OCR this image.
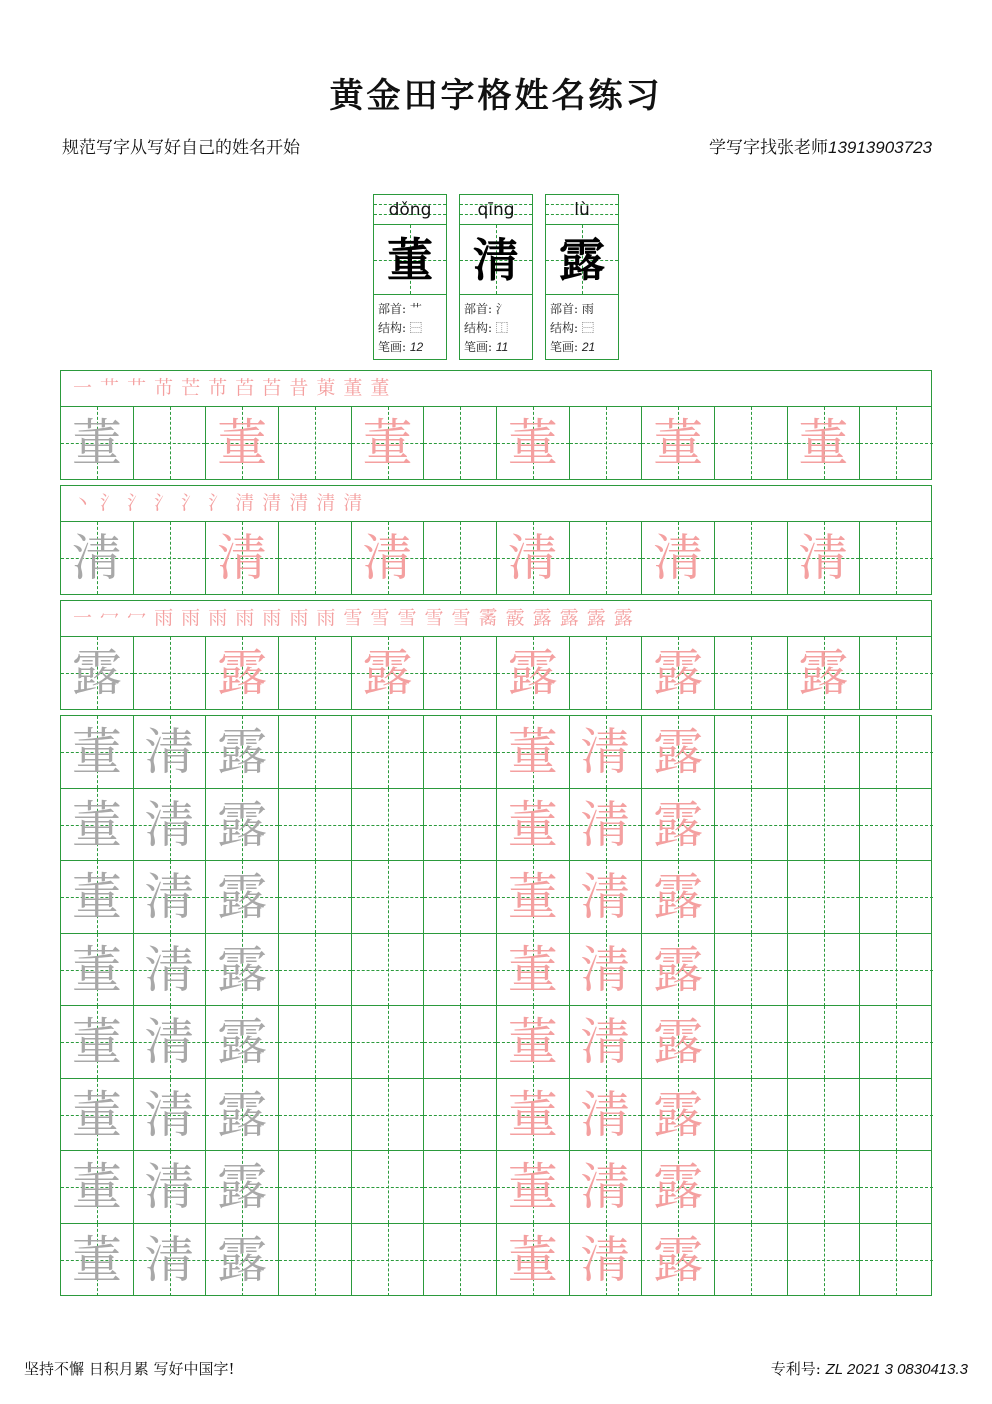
黄金田字格姓名练习
规范写字从写好自己的姓名开始	学写字找张老师13913903723
dǒng
董
部首: 艹
结构: ⿱
笔画: 12
qīng
清
部首: 氵
结构: ⿰
笔画: 11
lù
露
部首: 雨
结构: ⿱
笔画: 21
一 艹 艹 芇 芒 芇 苩 苩 昔 菄 董 董
董 董 董 董 董 董
丶 氵 氵 氵 氵 氵 清 清 清 清 清
清 清 清 清 清 清
一 冖 冖 雨 雨 雨 雨 雨 雨 雨 雪 雪 雪 雪 雪 霱 霰 露 露 露 露
露 露 露 露 露 露
董 清 露	董 清 露
董 清 露	董 清 露
董 清 露	董 清 露
董 清 露	董 清 露
董 清 露	董 清 露
董 清 露	董 清 露
董 清 露	董 清 露
董 清 露	董 清 露
坚持不懈 日积月累 写好中国字!	专利号: ZL 2021 3 0830413.3
